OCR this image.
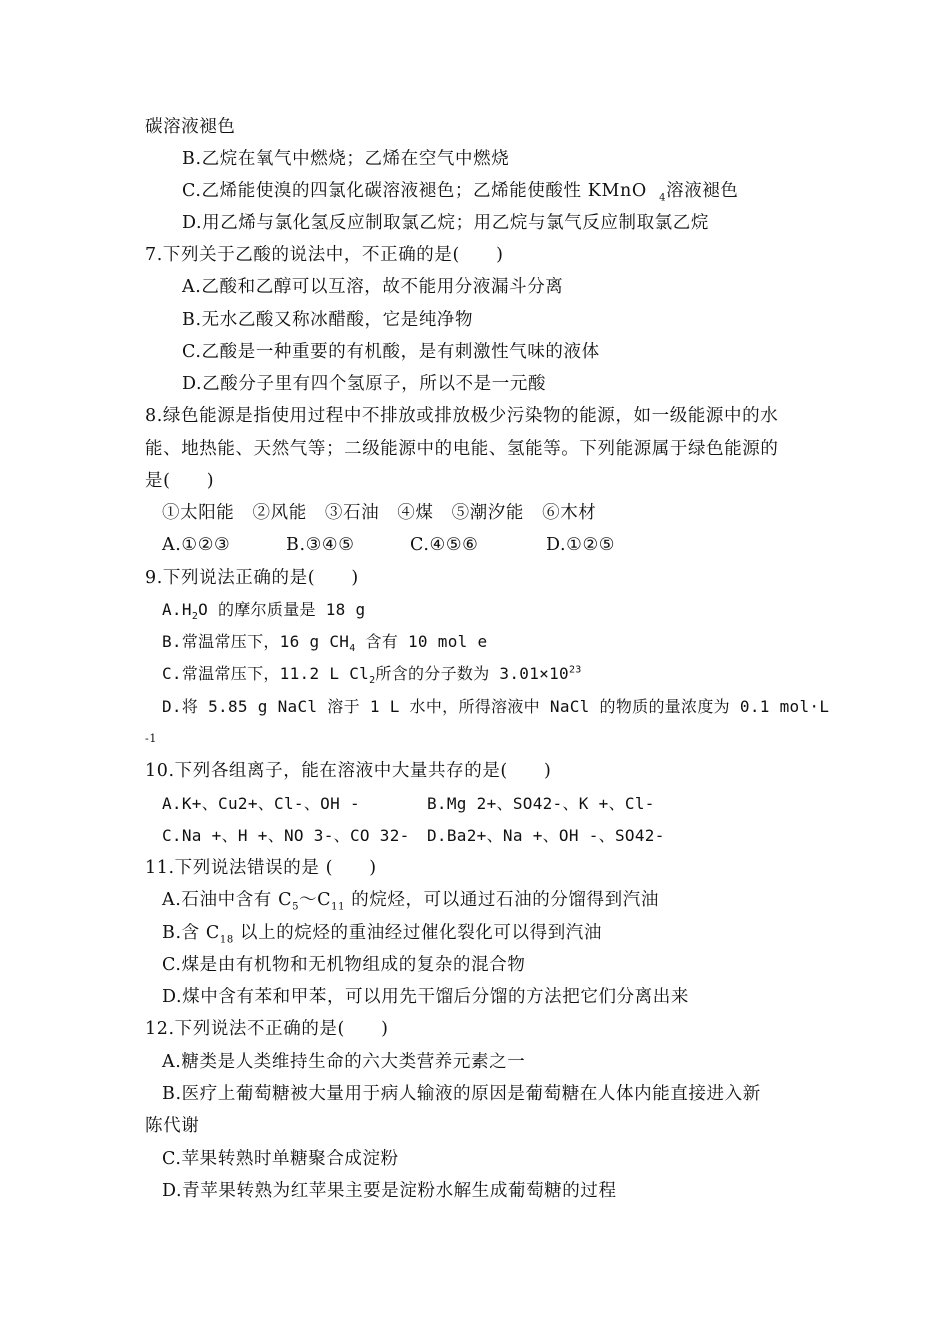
碳溶液褪色
B.乙烷在氧气中燃烧；乙烯在空气中燃烧
C.乙烯能使溴的四氯化碳溶液褪色；乙烯能使酸性 KMnO $_4$溶液褪色
D.用乙烯与氯化氢反应制取氯乙烷；用乙烷与氯气反应制取氯乙烷
7.下列关于乙酸的说法中，不正确的是(　　)
A.乙酸和乙醇可以互溶，故不能用分液漏斗分离
B.无水乙酸又称冰醋酸，它是纯净物
C.乙酸是一种重要的有机酸，是有刺激性气味的液体
D.乙酸分子里有四个氢原子，所以不是一元酸
8.绿色能源是指使用过程中不排放或排放极少污染物的能源，如一级能源中的水
能、地热能、天然气等；二级能源中的电能、氢能等。下列能源属于绿色能源的
是(　　)
①太阳能　②风能　③石油　④煤　⑤潮汐能　⑥木材
A.①②③	B.③④⑤	C.④⑤⑥	D.①②⑤
9.下列说法正确的是(　　)
$A.H_2O$ 的摩尔质量是 18 g
B.常温常压下，16 g $CH_4$ 含有 10 mol e
C.常温常压下，11.2 L $Cl_2$所含的分子数为 $3.01\times 10^{23}$
D.将 5.85 g NaCl 溶于 1 L 水中，所得溶液中 NaCl 的物质的量浓度为 0.1 mol·L
-1
10.下列各组离子，能在溶液中大量共存的是(　　)
A.K+、Cu2+、Cl-、OH -	B.Mg 2+、SO42-、K +、Cl-
C.Na +、H +、NO 3-、CO 32- D.Ba2+、Na +、OH -、SO42-
11.下列说法错误的是 (　　)
A.石油中含有 $C_5\sim C_{11}$ 的烷烃，可以通过石油的分馏得到汽油
B.含 $C_{18}$ 以上的烷烃的重油经过催化裂化可以得到汽油
C.煤是由有机物和无机物组成的复杂的混合物
D.煤中含有苯和甲苯，可以用先干馏后分馏的方法把它们分离出来
12.下列说法不正确的是(　　)
A.糖类是人类维持生命的六大类营养元素之一
B.医疗上葡萄糖被大量用于病人输液的原因是葡萄糖在人体内能直接进入新
陈代谢
C.苹果转熟时单糖聚合成淀粉
D.青苹果转熟为红苹果主要是淀粉水解生成葡萄糖的过程
